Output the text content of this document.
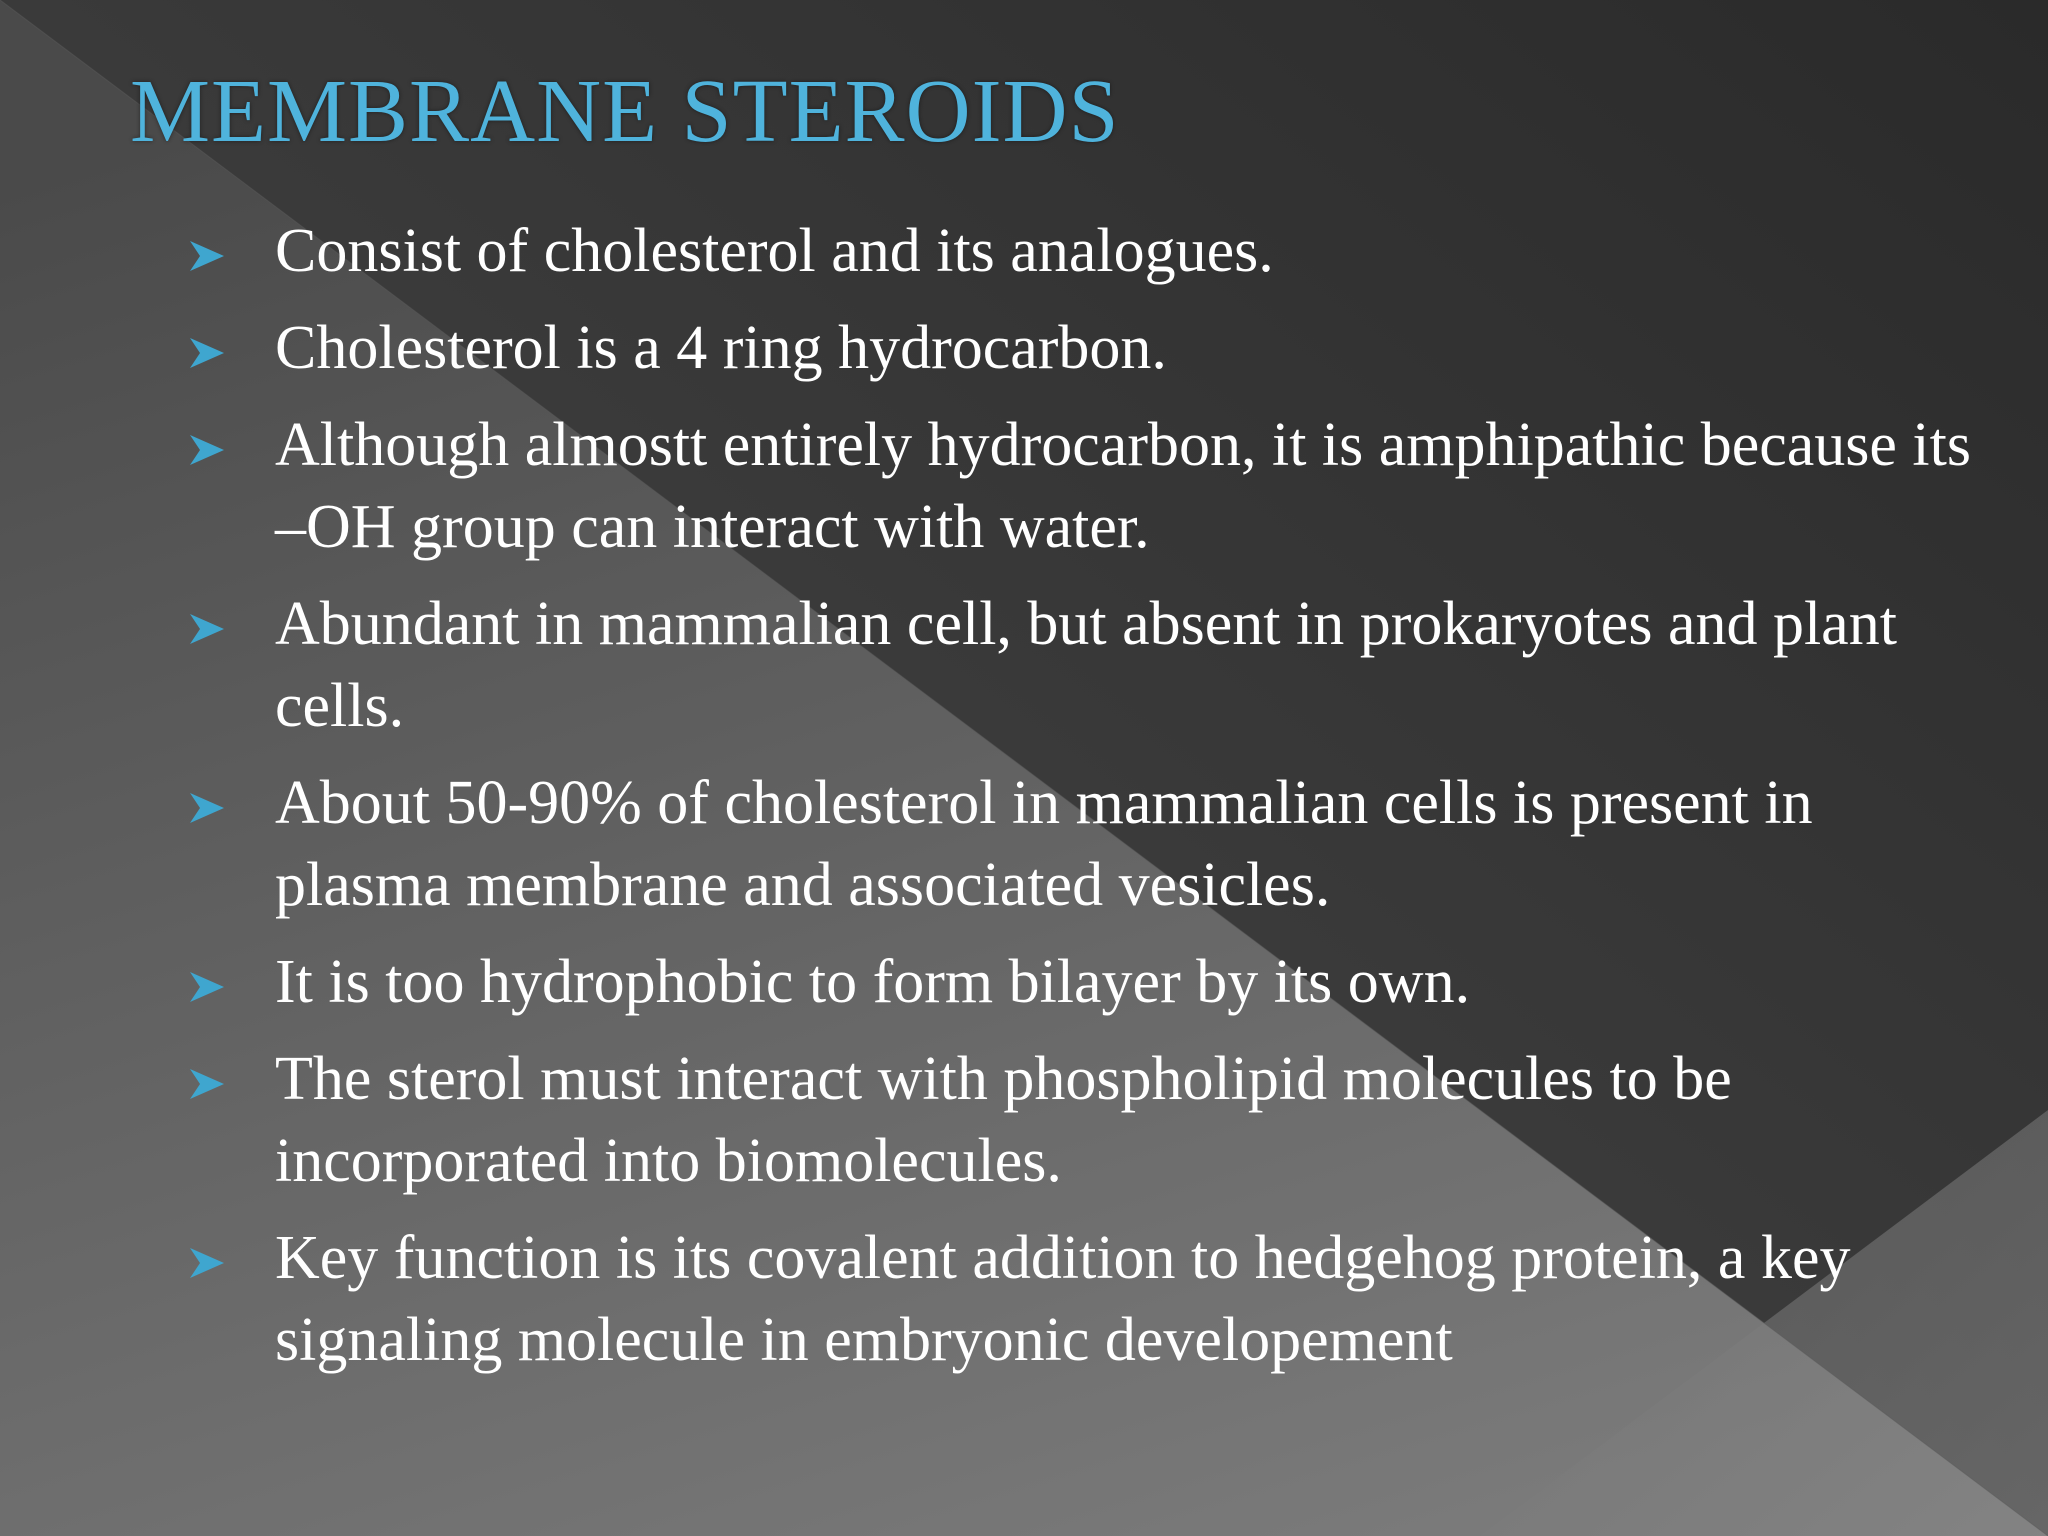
MEMBRANE STEROIDS
Consist of cholesterol and its analogues.
Cholesterol is a 4 ring hydrocarbon.
Although almostt entirely hydrocarbon, it is amphipathic because its –OH group can interact with water.
Abundant in mammalian cell, but absent in prokaryotes and plant cells.
About 50-90% of cholesterol in mammalian cells is present in plasma membrane and associated vesicles.
It is too hydrophobic to form bilayer by its own.
The sterol must interact with phospholipid molecules to be incorporated into biomolecules.
Key function is its covalent addition to hedgehog protein, a key signaling molecule in embryonic developement
